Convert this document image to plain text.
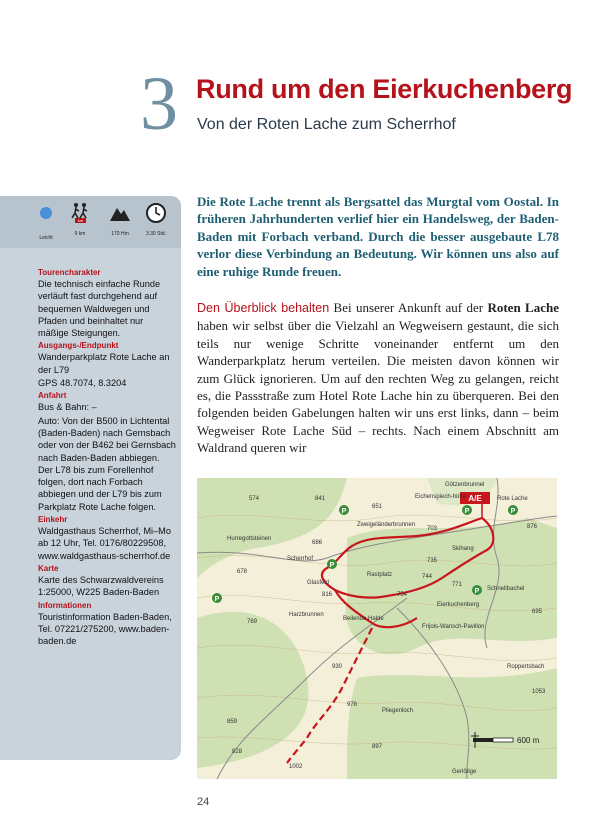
3 Rund um den Eierkuchenberg
Von der Roten Lache zum Scherrhof
Leicht
km
9 km	170 Hm	3.30 Std.
Tourencharakter

Die technisch einfache Runde verläuft fast durchgehend auf bequemen Waldwegen und Pfaden und beinhaltet nur mäßige Steigungen.

Ausgangs-/Endpunkt

Wanderparkplatz Rote Lache an der L79

GPS 48.7074, 8.3204

Anfahrt

Bus & Bahn: –

Auto: Von der B500 in Lichtental (Baden-Baden) nach Gernsbach oder von der B462 bei Gernsbach nach Baden-Baden abbiegen. Der L78 bis zum Forellenhof folgen, dort nach Forbach abbiegen und der L79 bis zum Parkplatz Rote Lache folgen.

Einkehr

Waldgasthaus Scherrhof, Mi–Mo ab 12 Uhr, Tel. 0176/80229508, www.waldgasthaus-scherrhof.de

Karte

Karte des Schwarzwaldvereins 1:25000, W225 Baden-Baden

Informationen

Touristinformation Baden-Baden, Tel. 07221/275200, www.baden-baden.de

Die Rote Lache trennt als Bergsattel das Murgtal vom Oostal. In früheren Jahrhunderten verlief hier ein Handelsweg, der Baden-Baden mit Forbach verband. Durch die besser ausgebaute L78 verlor diese Verbindung an Bedeutung. Wir können uns also auf eine ruhige Runde freuen.
Den Überblick behalten Bei unserer Ankunft auf der Roten Lache haben wir selbst über die Vielzahl an Wegweisern gestaunt, die sich teils nur wenige Schritte voneinander entfernt um den Wanderparkplatz herum verteilen. Die meisten davon können wir zum Glück ignorieren. Um auf den rechten Weg zu gelangen, reicht es, die Passstraße zum Hotel Rote Lache hin zu überqueren. Bei den folgenden beiden Gabelungen halten wir uns erst links, dann – beim Wegweiser Rote Lache Süd – rechts. Nach einem Abschnitt am Waldrand queren wir
A/E
P
P	P
P
P
P
Götzenbrunnel
Eichenspiech-hütte	Rote Lache
Zweigeländerbrunnen
Hurregottsteinen
Scherrhof
Rastplatz
Skihang
Glasfeld
Harzbrunnen
Eierkuchenberg
Schnellbachel
Beilende Halde
Frijols-Wansch-Pavillon
Roppertsbach
Pliegenloch
Gerlötige
574	841
651
703	876
686
735
678
816	754
771
695
744
769
1002
978
859
828
897
1053
930
600 m
24
